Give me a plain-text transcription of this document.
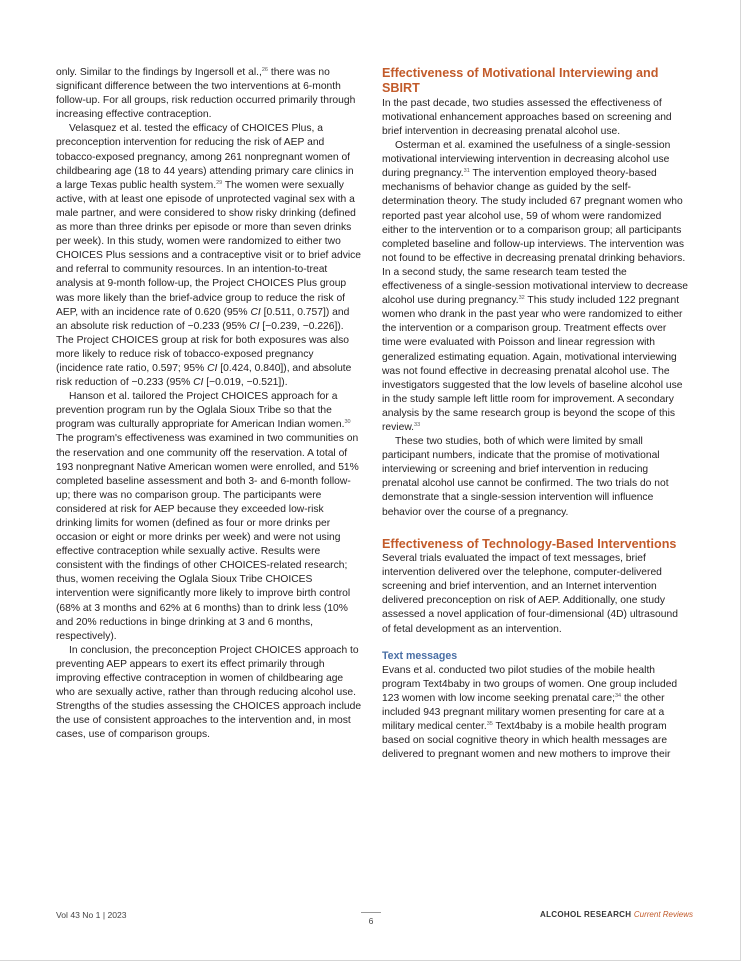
only. Similar to the findings by Ingersoll et al.,$^{26}$ there was no significant difference between the two interventions at 6-month follow-up. For all groups, risk reduction occurred primarily through increasing effective contraception.

Velasquez et al. tested the efficacy of CHOICES Plus, a preconception intervention for reducing the risk of AEP and tobacco-exposed pregnancy, among 261 nonpregnant women of childbearing age (18 to 44 years) attending primary care clinics in a large Texas public health system.$^{29}$ The women were sexually active, with at least one episode of unprotected vaginal sex with a male partner, and were considered to show risky drinking (defined as more than three drinks per episode or more than seven drinks per week). In this study, women were randomized to either two CHOICES Plus sessions and a contraceptive visit or to brief advice and referral to community resources. In an intention-to-treat analysis at 9-month follow-up, the Project CHOICES Plus group was more likely than the brief-advice group to reduce the risk of AEP, with an incidence rate of 0.620 (95% CI [0.511, 0.757]) and an absolute risk reduction of −0.233 (95% CI [−0.239, −0.226]). The Project CHOICES group at risk for both exposures was also more likely to reduce risk of tobacco-exposed pregnancy (incidence rate ratio, 0.597; 95% CI [0.424, 0.840]), and absolute risk reduction of −0.233 (95% CI [−0.019, −0.521]).

Hanson et al. tailored the Project CHOICES approach for a prevention program run by the Oglala Sioux Tribe so that the program was culturally appropriate for American Indian women.$^{30}$ The program's effectiveness was examined in two communities on the reservation and one community off the reservation. A total of 193 nonpregnant Native American women were enrolled, and 51% completed baseline assessment and both 3- and 6-month follow-up; there was no comparison group. The participants were considered at risk for AEP because they exceeded low-risk drinking limits for women (defined as four or more drinks per occasion or eight or more drinks per week) and were not using effective contraception while sexually active. Results were consistent with the findings of other CHOICES-related research; thus, women receiving the Oglala Sioux Tribe CHOICES intervention were significantly more likely to improve birth control (68% at 3 months and 62% at 6 months) than to drink less (10% and 20% reductions in binge drinking at 3 and 6 months, respectively).

In conclusion, the preconception Project CHOICES approach to preventing AEP appears to exert its effect primarily through improving effective contraception in women of childbearing age who are sexually active, rather than through reducing alcohol use. Strengths of the studies assessing the CHOICES approach include the use of consistent approaches to the intervention and, in most cases, use of comparison groups.

Effectiveness of Motivational Interviewing and SBIRT

In the past decade, two studies assessed the effectiveness of motivational enhancement approaches based on screening and brief intervention in decreasing prenatal alcohol use.

Osterman et al. examined the usefulness of a single-session motivational interviewing intervention in decreasing alcohol use during pregnancy.$^{31}$ The intervention employed theory-based mechanisms of behavior change as guided by the self-determination theory. The study included 67 pregnant women who reported past year alcohol use, 59 of whom were randomized either to the intervention or to a comparison group; all participants completed baseline and follow-up interviews. The intervention was not found to be effective in decreasing prenatal drinking behaviors. In a second study, the same research team tested the effectiveness of a single-session motivational interview to decrease alcohol use during pregnancy.$^{32}$ This study included 122 pregnant women who drank in the past year who were randomized to either the intervention or a comparison group. Treatment effects over time were evaluated with Poisson and linear regression with generalized estimating equation. Again, motivational interviewing was not found effective in decreasing prenatal alcohol use. The investigators suggested that the low levels of baseline alcohol use in the study sample left little room for improvement. A secondary analysis by the same research group is beyond the scope of this review.$^{33}$

These two studies, both of which were limited by small participant numbers, indicate that the promise of motivational interviewing or screening and brief intervention in reducing prenatal alcohol use cannot be confirmed. The two trials do not demonstrate that a single-session intervention will influence behavior over the course of a pregnancy.

Effectiveness of Technology-Based Interventions

Several trials evaluated the impact of text messages, brief intervention delivered over the telephone, computer-delivered screening and brief intervention, and an Internet intervention delivered preconception on risk of AEP. Additionally, one study assessed a novel application of four-dimensional (4D) ultrasound of fetal development as an intervention.

Text messages

Evans et al. conducted two pilot studies of the mobile health program Text4baby in two groups of women. One group included 123 women with low income seeking prenatal care;$^{34}$ the other included 943 pregnant military women presenting for care at a military medical center.$^{35}$ Text4baby is a mobile health program based on social cognitive theory in which health messages are delivered to pregnant women and new mothers to improve their

Vol 43 No 1 | 2023
6
ALCOHOL RESEARCH Current Reviews
